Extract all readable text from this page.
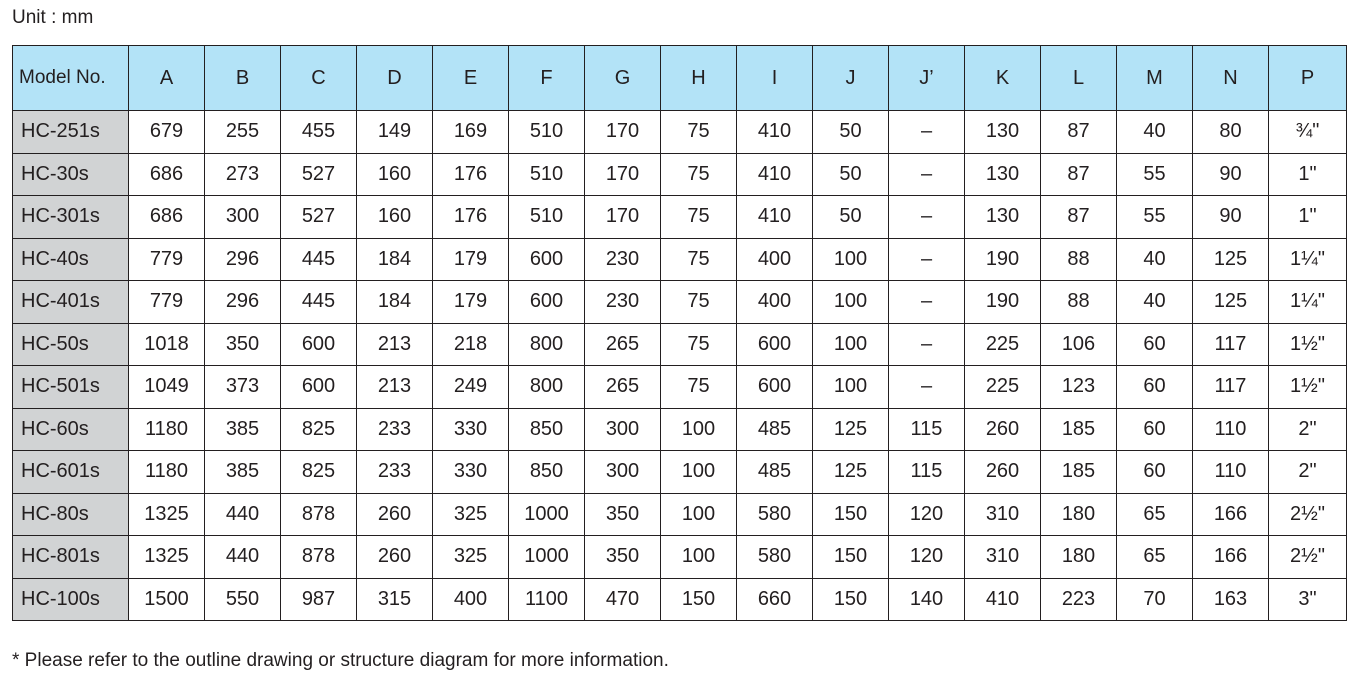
Unit : mm
Model No.	A	B	C	D	E	F	G	H	I	J	J’	K	L	M	N	P
HC-251s	679	255	455	149	169	510	170	75	410	50	–	130	87	40	80	¾"
HC-30s	686	273	527	160	176	510	170	75	410	50	–	130	87	55	90	1"
HC-301s	686	300	527	160	176	510	170	75	410	50	–	130	87	55	90	1"
HC-40s	779	296	445	184	179	600	230	75	400	100	–	190	88	40	125	1¼"
HC-401s	779	296	445	184	179	600	230	75	400	100	–	190	88	40	125	1¼"
HC-50s	1018	350	600	213	218	800	265	75	600	100	–	225	106	60	117	1½"
HC-501s	1049	373	600	213	249	800	265	75	600	100	–	225	123	60	117	1½"
HC-60s	1180	385	825	233	330	850	300	100	485	125	115	260	185	60	110	2"
HC-601s	1180	385	825	233	330	850	300	100	485	125	115	260	185	60	110	2"
HC-80s	1325	440	878	260	325	1000	350	100	580	150	120	310	180	65	166	2½"
HC-801s	1325	440	878	260	325	1000	350	100	580	150	120	310	180	65	166	2½"
HC-100s	1500	550	987	315	400	1100	470	150	660	150	140	410	223	70	163	3"
* Please refer to the outline drawing or structure diagram for more information.
